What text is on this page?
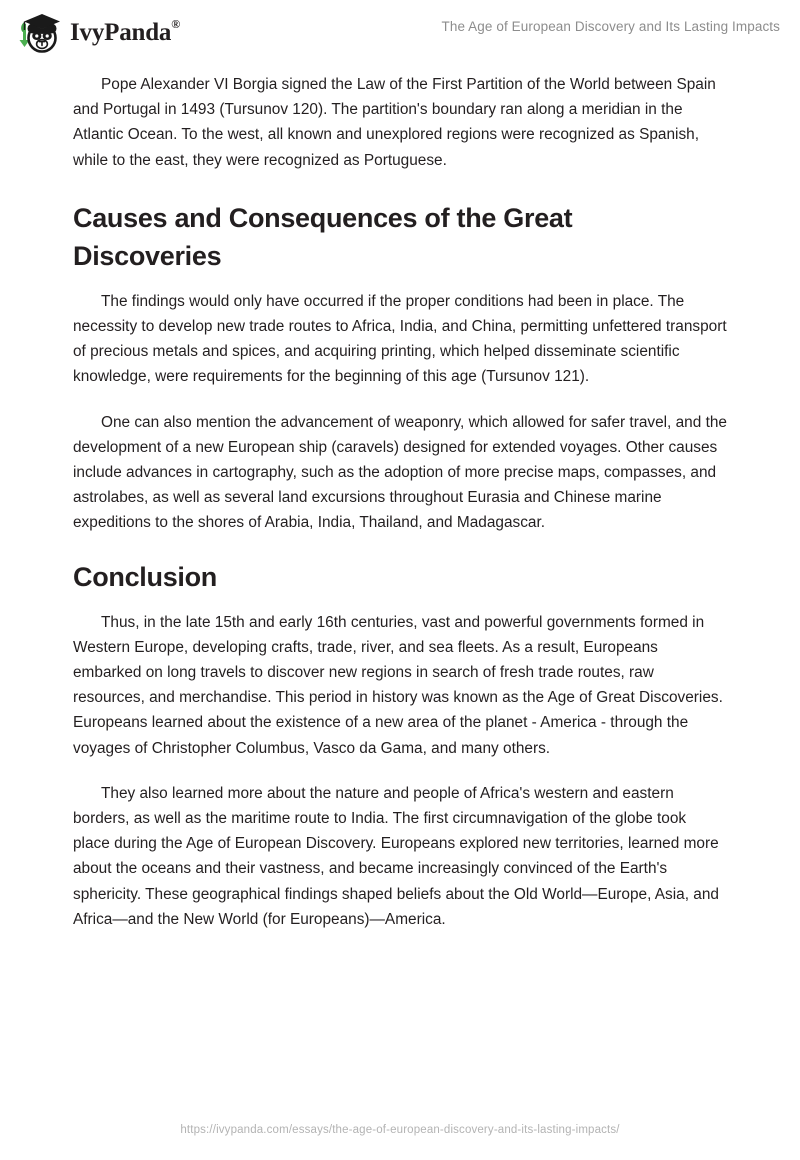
IvyPanda®	The Age of European Discovery and Its Lasting Impacts

Pope Alexander VI Borgia signed the Law of the First Partition of the World between Spain and Portugal in 1493 (Tursunov 120). The partition's boundary ran along a meridian in the Atlantic Ocean. To the west, all known and unexplored regions were recognized as Spanish, while to the east, they were recognized as Portuguese.

Causes and Consequences of the Great Discoveries

The findings would only have occurred if the proper conditions had been in place. The necessity to develop new trade routes to Africa, India, and China, permitting unfettered transport of precious metals and spices, and acquiring printing, which helped disseminate scientific knowledge, were requirements for the beginning of this age (Tursunov 121).

One can also mention the advancement of weaponry, which allowed for safer travel, and the development of a new European ship (caravels) designed for extended voyages. Other causes include advances in cartography, such as the adoption of more precise maps, compasses, and astrolabes, as well as several land excursions throughout Eurasia and Chinese marine expeditions to the shores of Arabia, India, Thailand, and Madagascar.

Conclusion

Thus, in the late 15th and early 16th centuries, vast and powerful governments formed in Western Europe, developing crafts, trade, river, and sea fleets. As a result, Europeans embarked on long travels to discover new regions in search of fresh trade routes, raw resources, and merchandise. This period in history was known as the Age of Great Discoveries. Europeans learned about the existence of a new area of the planet - America - through the voyages of Christopher Columbus, Vasco da Gama, and many others.

They also learned more about the nature and people of Africa's western and eastern borders, as well as the maritime route to India. The first circumnavigation of the globe took place during the Age of European Discovery. Europeans explored new territories, learned more about the oceans and their vastness, and became increasingly convinced of the Earth's sphericity. These geographical findings shaped beliefs about the Old World—Europe, Asia, and Africa—and the New World (for Europeans)—America.

https://ivypanda.com/essays/the-age-of-european-discovery-and-its-lasting-impacts/
